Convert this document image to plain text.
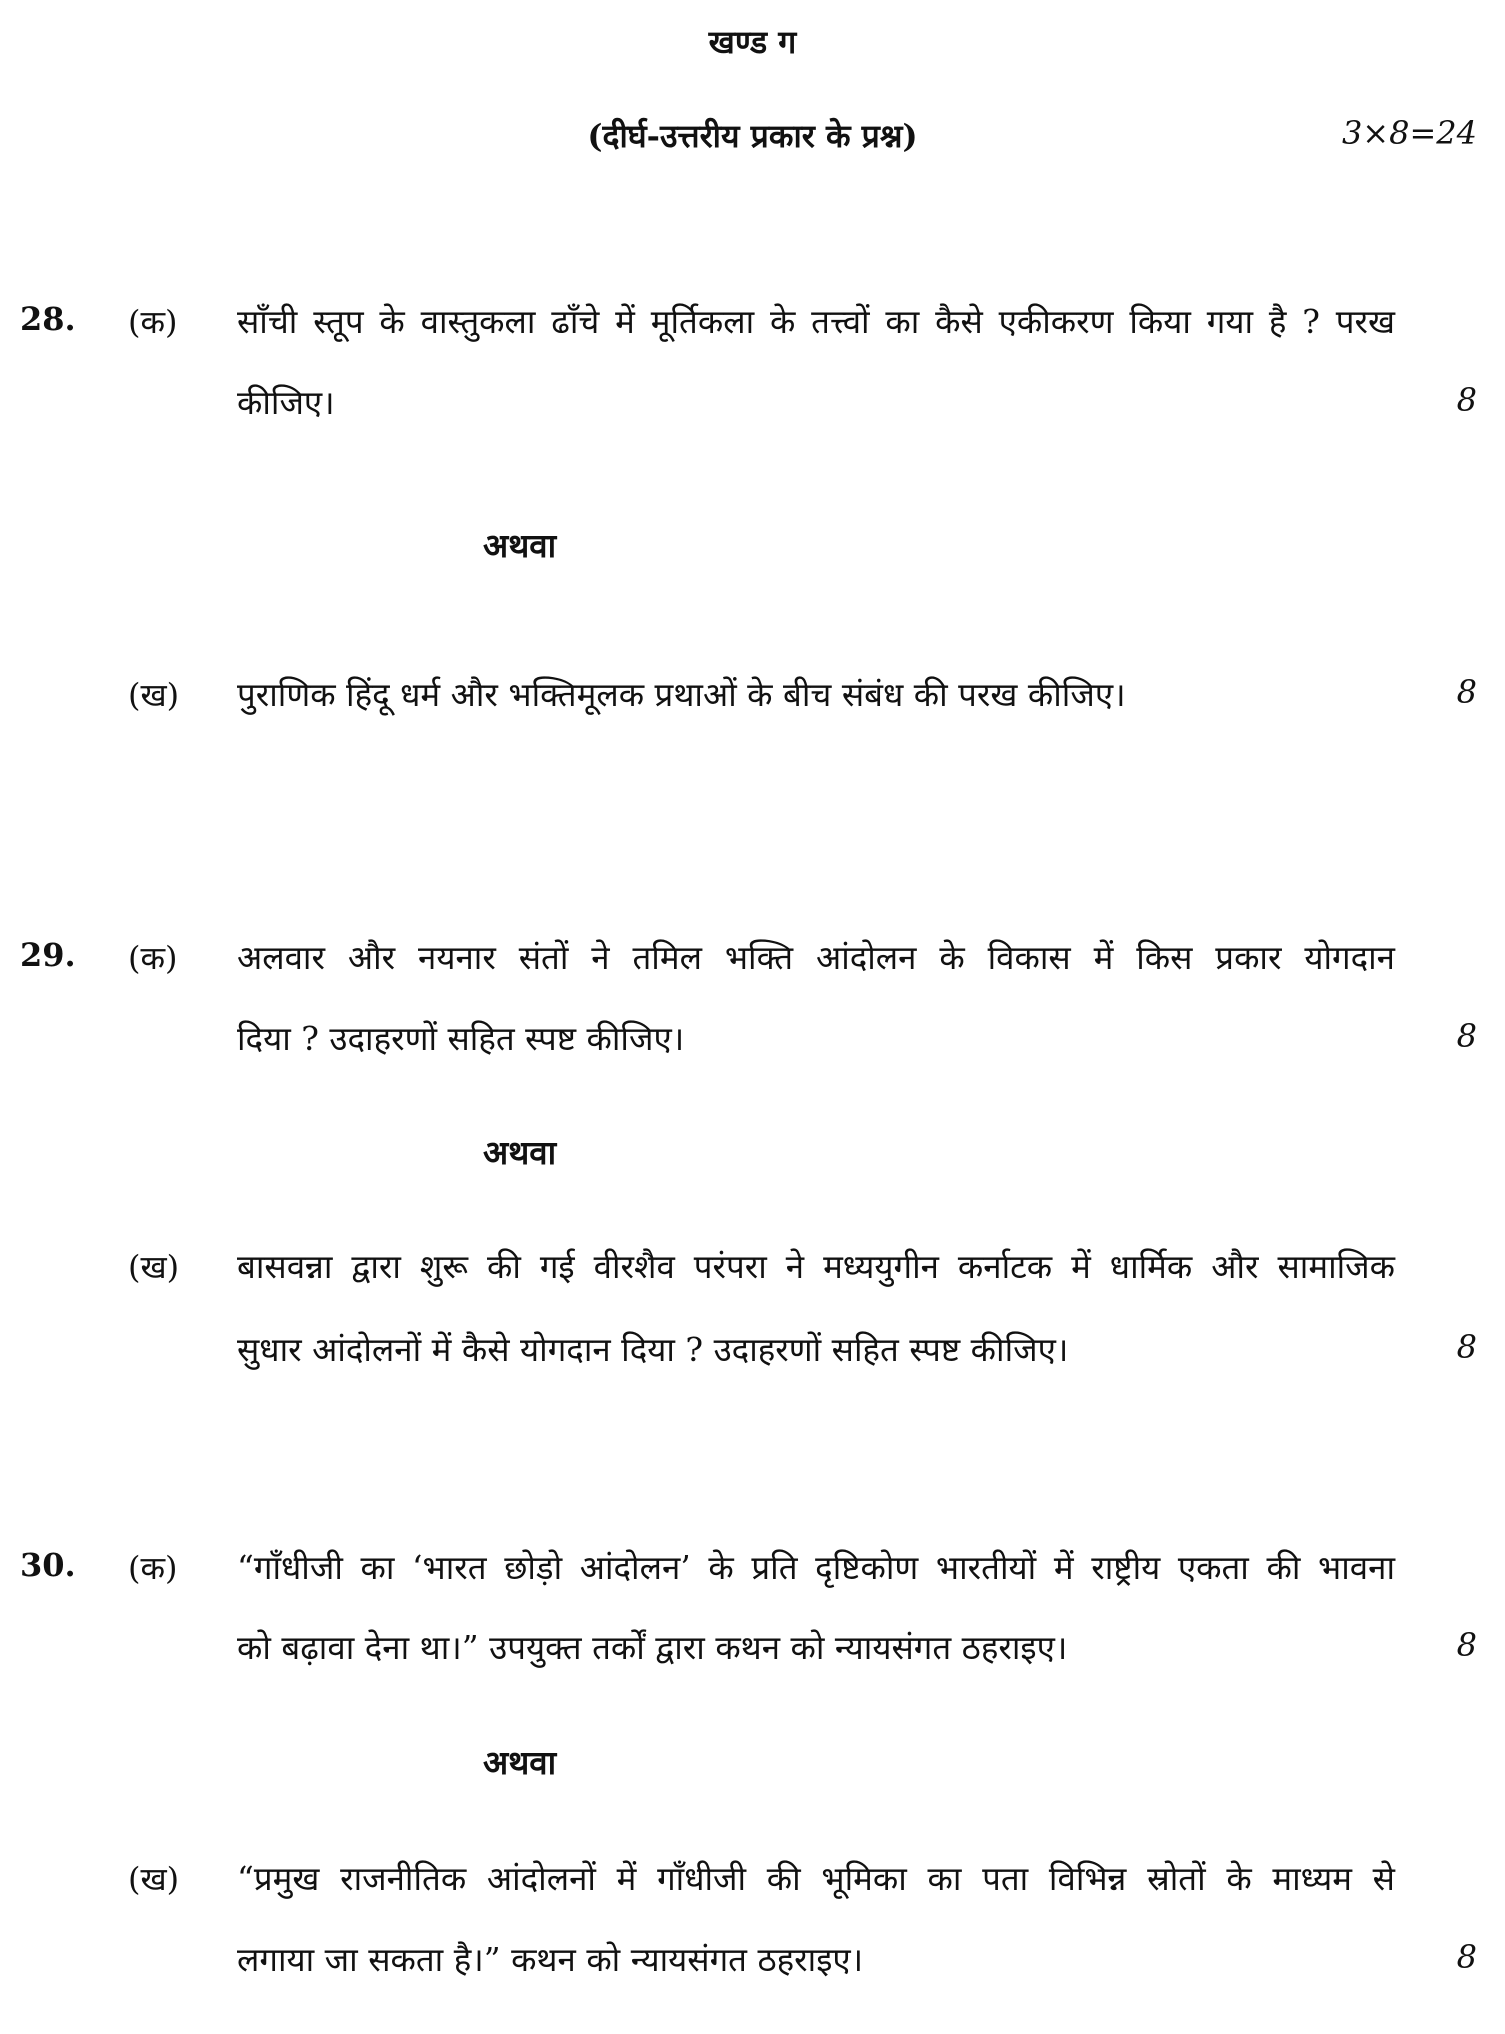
खण्ड ग
(दीर्घ-उत्तरीय प्रकार के प्रश्न)	3×8=24
28. (क) साँची स्तूप के वास्तुकला ढाँचे में मूर्तिकला के तत्त्वों का कैसे एकीकरण किया गया है ? परख
कीजिए।	8
अथवा
(ख) पुराणिक हिंदू धर्म और भक्तिमूलक प्रथाओं के बीच संबंध की परख कीजिए।	8
29. (क) अलवार और नयनार संतों ने तमिल भक्ति आंदोलन के विकास में किस प्रकार योगदान
दिया ? उदाहरणों सहित स्पष्ट कीजिए।	8
अथवा
(ख) बासवन्ना द्वारा शुरू की गई वीरशैव परंपरा ने मध्ययुगीन कर्नाटक में धार्मिक और सामाजिक
सुधार आंदोलनों में कैसे योगदान दिया ? उदाहरणों सहित स्पष्ट कीजिए।	8
30. (क) “गाँधीजी का ‘भारत छोड़ो आंदोलन’ के प्रति दृष्टिकोण भारतीयों में राष्ट्रीय एकता की भावना
को बढ़ावा देना था।” उपयुक्त तर्कों द्वारा कथन को न्यायसंगत ठहराइए।	8
अथवा
(ख) “प्रमुख राजनीतिक आंदोलनों में गाँधीजी की भूमिका का पता विभिन्न स्रोतों के माध्यम से
लगाया जा सकता है।” कथन को न्यायसंगत ठहराइए।	8
